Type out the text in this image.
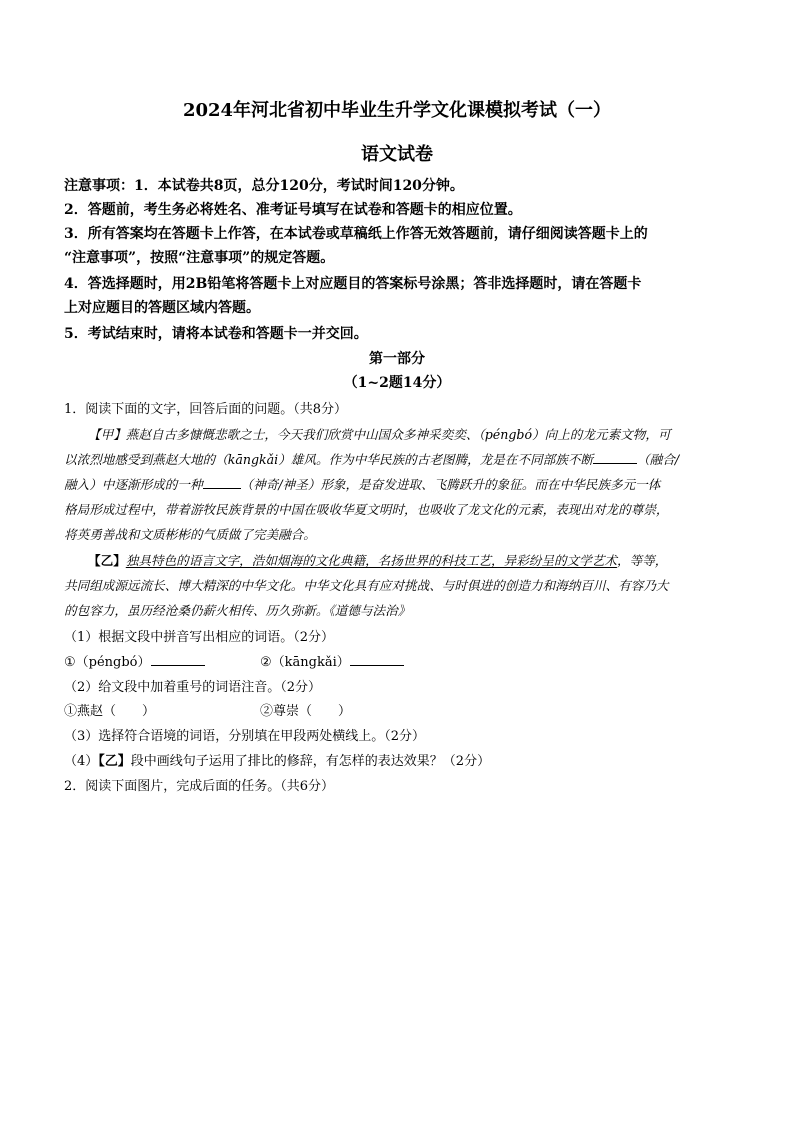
2024年河北省初中毕业生升学文化课模拟考试（一）
语文试卷
注意事项：1．本试卷共8页，总分120分，考试时间120分钟。
2．答题前，考生务必将姓名、准考证号填写在试卷和答题卡的相应位置。
3．所有答案均在答题卡上作答，在本试卷或草稿纸上作答无效答题前，请仔细阅读答题卡上的
“注意事项”，按照“注意事项”的规定答题。
4．答选择题时，用2B铅笔将答题卡上对应题目的答案标号涂黑；答非选择题时，请在答题卡
上对应题目的答题区域内答题。
5．考试结束时，请将本试卷和答题卡一并交回。
第一部分
（1~2题14分）
1．阅读下面的文字，回答后面的问题。（共8分）
【甲】燕赵自古多慷慨悲歌之士，今天我们欣赏中山国众多神采奕奕、（péngbó）向上的龙元素文物，可
以浓烈地感受到燕赵大地的（kāngkǎi）雄风。作为中华民族的古老图腾，龙是在不同部族不断	（融合/
融入）中逐渐形成的一种	（神奇/神圣）形象，是奋发进取、飞腾跃升的象征。而在中华民族多元一体
格局形成过程中，带着游牧民族背景的中国在吸收华夏文明时，也吸收了龙文化的元素，表现出对龙的尊崇，
将英勇善战和文质彬彬的气质做了完美融合。
【乙】独具特色的语言文字，浩如烟海的文化典籍，名扬世界的科技工艺，异彩纷呈的文学艺术，等等，
共同组成源远流长、博大精深的中华文化。中华文化具有应对挑战、与时俱进的创造力和海纳百川、有容乃大
的包容力，虽历经沧桑仍薪火相传、历久弥新。《道德与法治》
（1）根据文段中拼音写出相应的词语。（2分）
①（péngbó）	②（kāngkǎi）
（2）给文段中加着重号的词语注音。（2分）
①燕赵（　　）	②尊崇（　　）
（3）选择符合语境的词语，分别填在甲段两处横线上。（2分）
（4）【乙】段中画线句子运用了排比的修辞，有怎样的表达效果？（2分）
2．阅读下面图片，完成后面的任务。（共6分）
